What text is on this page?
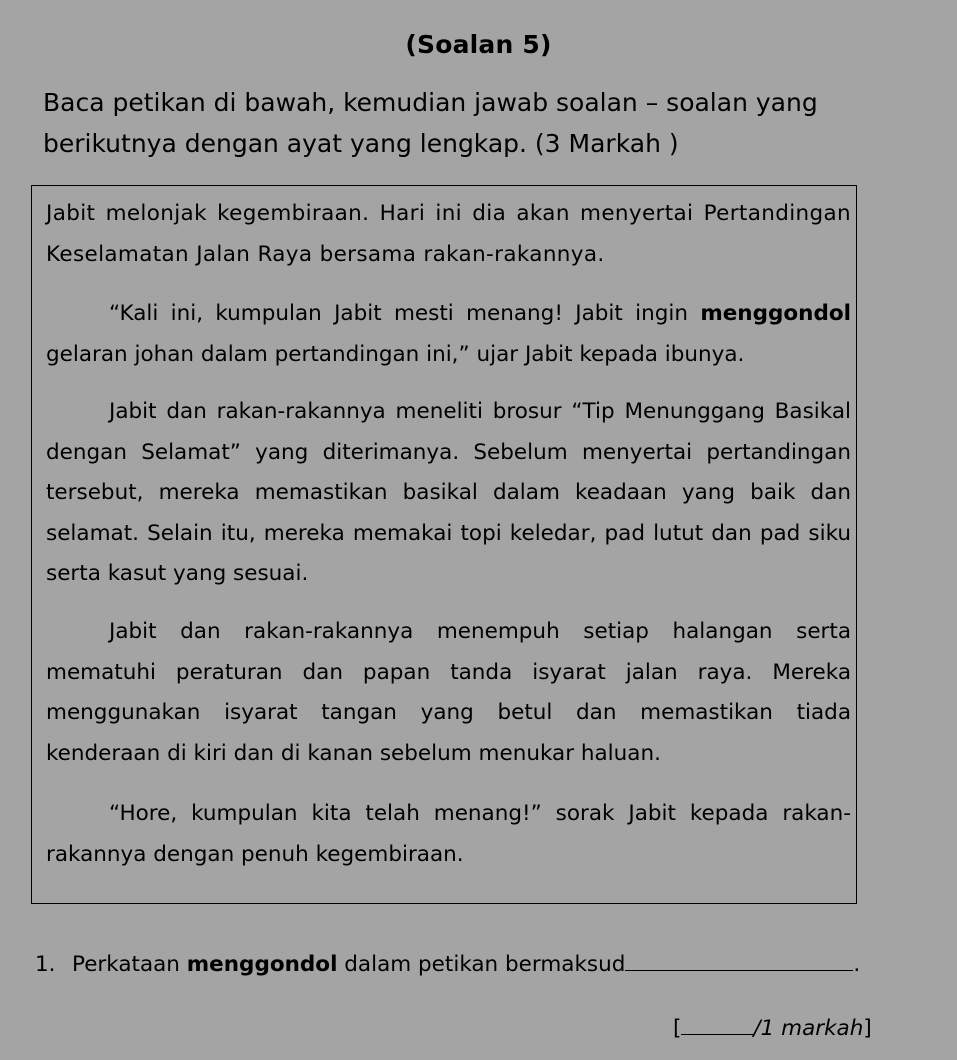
(Soalan 5)
Baca petikan di bawah, kemudian jawab soalan – soalan yang berikutnya dengan ayat yang lengkap. (3 Markah )

Jabit melonjak kegembiraan. Hari ini dia akan menyertai Pertandingan Keselamatan Jalan Raya bersama rakan-rakannya.

“Kali ini, kumpulan Jabit mesti menang! Jabit ingin menggondol gelaran johan dalam pertandingan ini,” ujar Jabit kepada ibunya.

Jabit dan rakan-rakannya meneliti brosur “Tip Menunggang Basikal dengan Selamat” yang diterimanya. Sebelum menyertai pertandingan tersebut, mereka memastikan basikal dalam keadaan yang baik dan selamat. Selain itu, mereka memakai topi keledar, pad lutut dan pad siku serta kasut yang sesuai.

Jabit dan rakan-rakannya menempuh setiap halangan serta mematuhi peraturan dan papan tanda isyarat jalan raya. Mereka menggunakan isyarat tangan yang betul dan memastikan tiada kenderaan di kiri dan di kanan sebelum menukar haluan.

“Hore, kumpulan kita telah menang!” sorak Jabit kepada rakan-rakannya dengan penuh kegembiraan.

1. Perkataan menggondol dalam petikan bermaksud	.
[	/1 markah]
